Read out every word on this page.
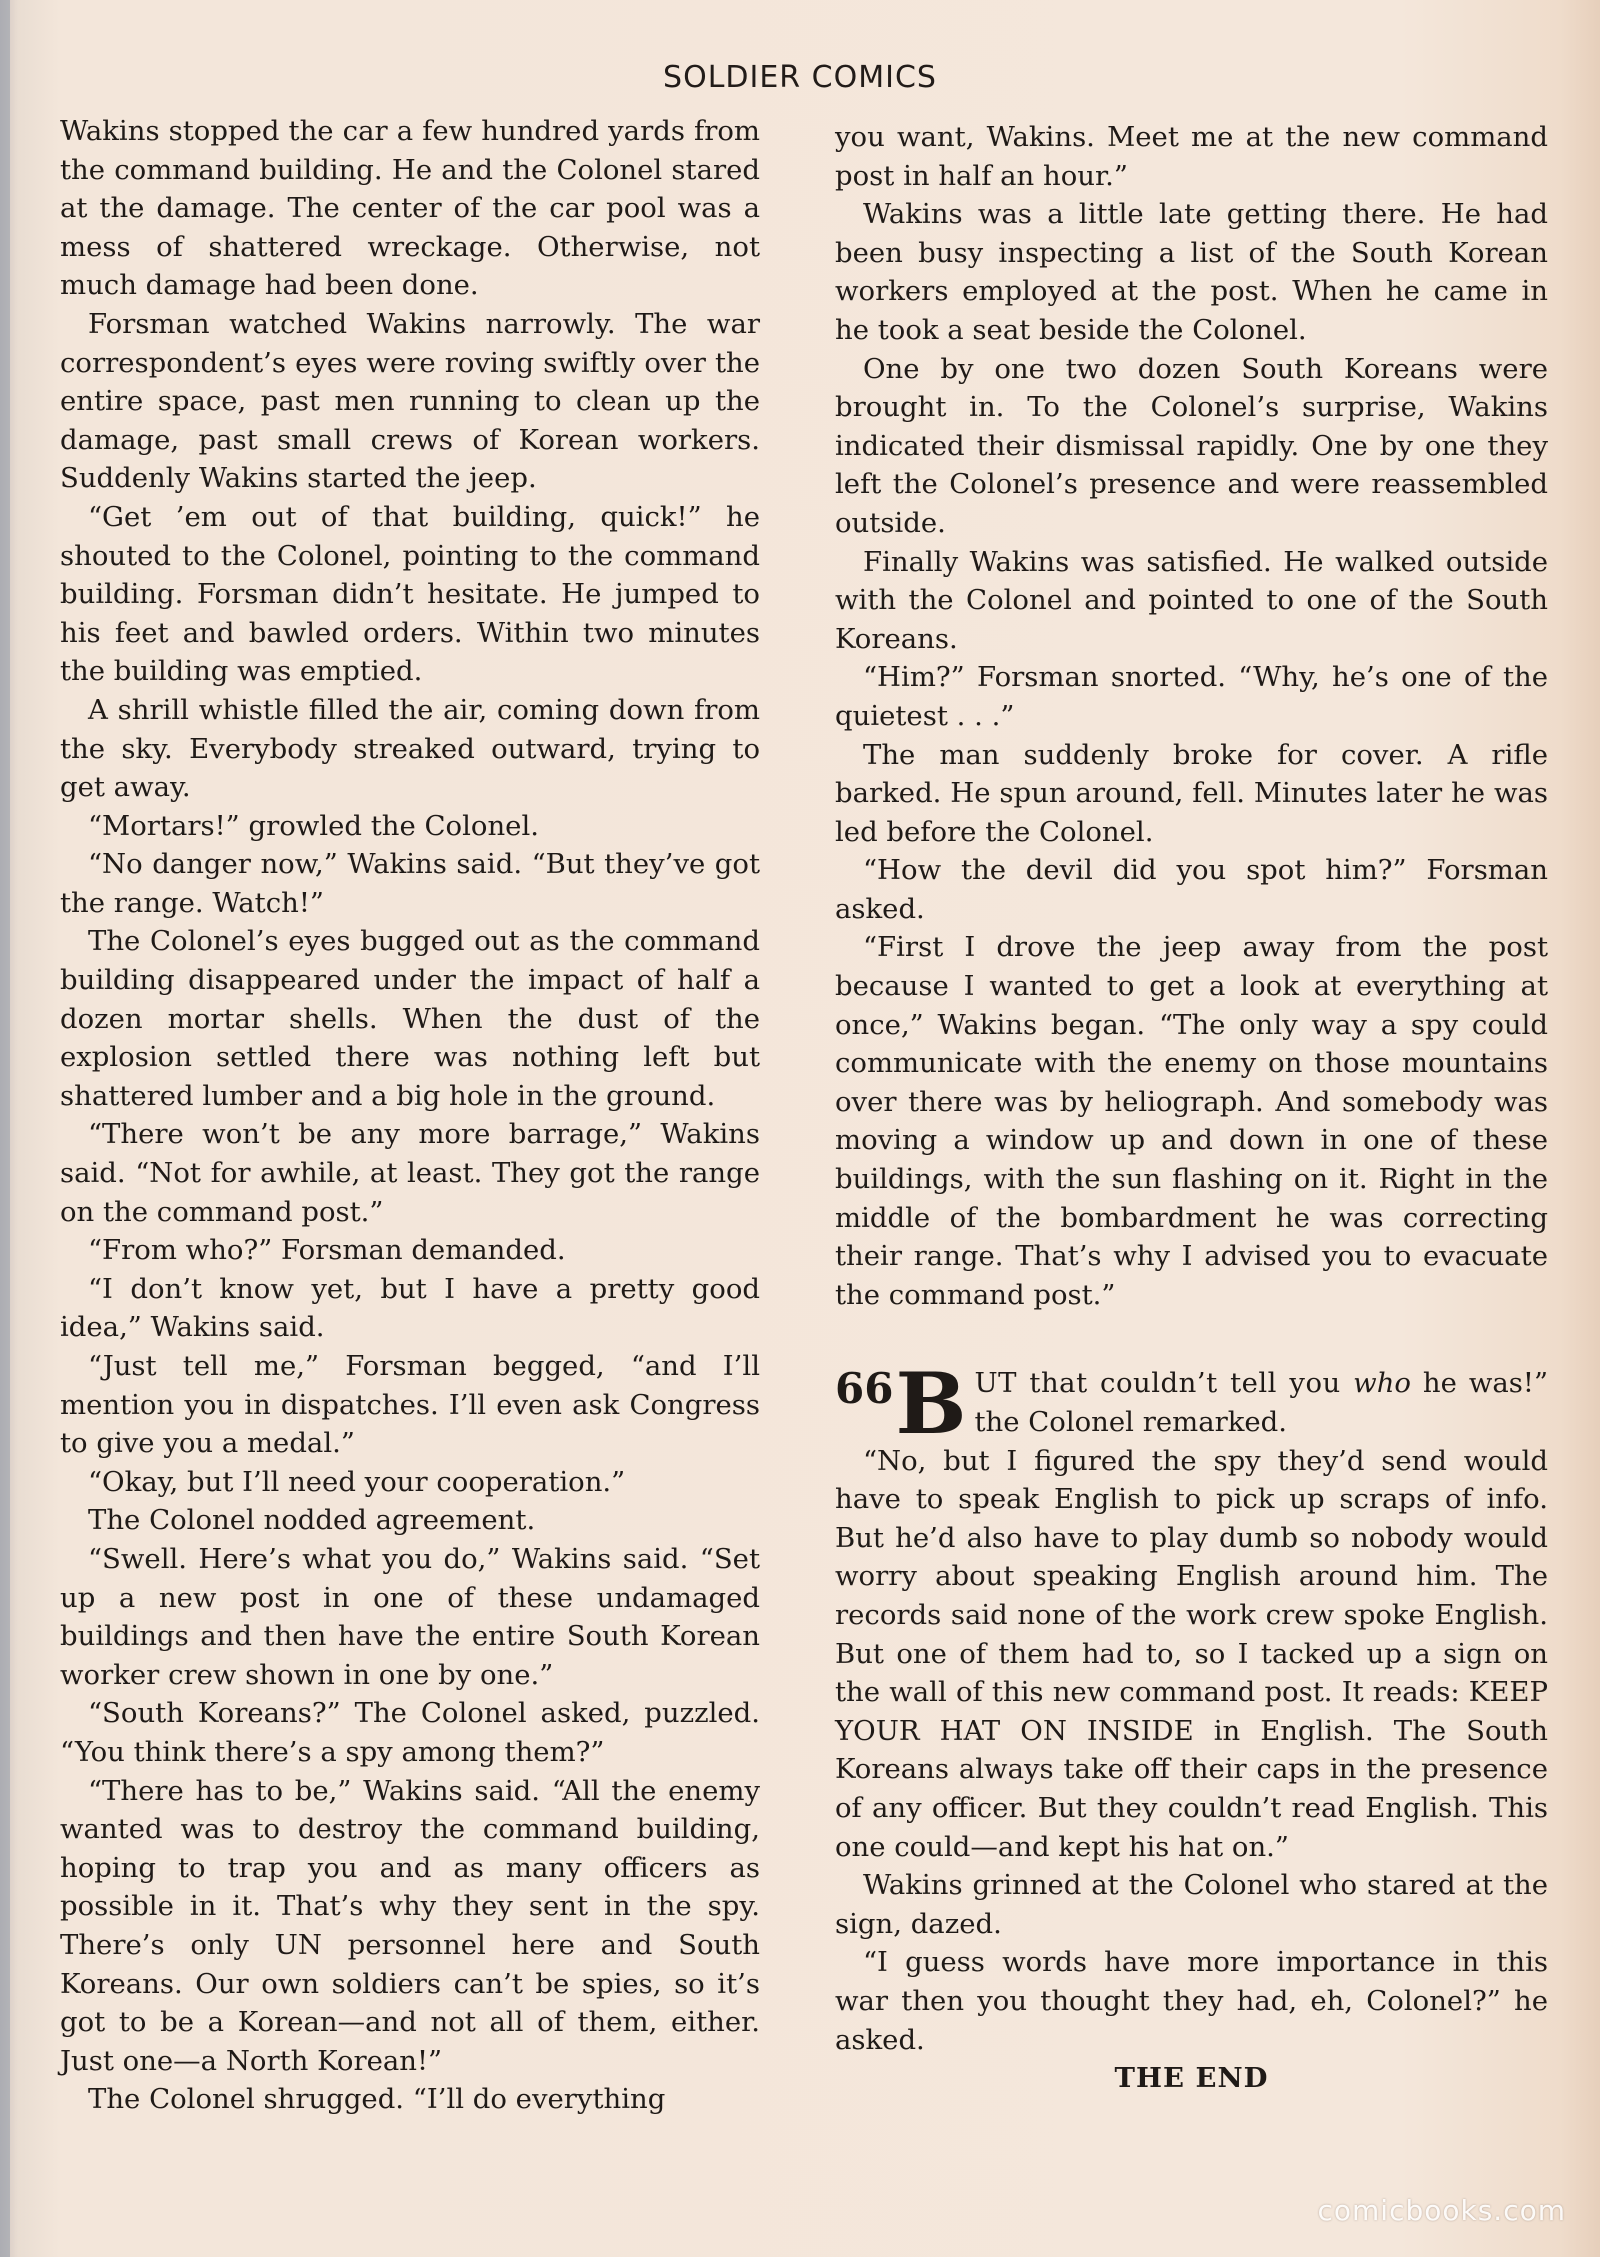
SOLDIER COMICS

Wakins stopped the car a few hundred yards from the command building. He and the Colonel stared at the damage. The center of the car pool was a mess of shattered wreckage. Otherwise, not much damage had been done.

Forsman watched Wakins narrowly. The war correspondent’s eyes were roving swiftly over the entire space, past men running to clean up the damage, past small crews of Korean workers. Suddenly Wakins started the jeep.

“Get ’em out of that building, quick!” he shouted to the Colonel, pointing to the command building. Forsman didn’t hesitate. He jumped to his feet and bawled orders. Within two minutes the building was emptied.

A shrill whistle filled the air, coming down from the sky. Everybody streaked outward, trying to get away.

“Mortars!” growled the Colonel.

“No danger now,” Wakins said. “But they’ve got the range. Watch!”

The Colonel’s eyes bugged out as the command building disappeared under the impact of half a dozen mortar shells. When the dust of the explosion settled there was nothing left but shattered lumber and a big hole in the ground.

“There won’t be any more barrage,” Wakins said. “Not for awhile, at least. They got the range on the command post.”

“From who?” Forsman demanded.

“I don’t know yet, but I have a pretty good idea,” Wakins said.

“Just tell me,” Forsman begged, “and I’ll mention you in dispatches. I’ll even ask Congress to give you a medal.”

“Okay, but I’ll need your cooperation.”

The Colonel nodded agreement.

“Swell. Here’s what you do,” Wakins said. “Set up a new post in one of these undamaged buildings and then have the entire South Korean worker crew shown in one by one.”

“South Koreans?” The Colonel asked, puzzled. “You think there’s a spy among them?”

“There has to be,” Wakins said. “All the enemy wanted was to destroy the command building, hoping to trap you and as many officers as possible in it. That’s why they sent in the spy. There’s only UN personnel here and South Koreans. Our own soldiers can’t be spies, so it’s got to be a Korean—and not all of them, either. Just one—a North Korean!”

The Colonel shrugged. “I’ll do everything

you want, Wakins. Meet me at the new command post in half an hour.”

Wakins was a little late getting there. He had been busy inspecting a list of the South Korean workers employed at the post. When he came in he took a seat beside the Colonel.

One by one two dozen South Koreans were brought in. To the Colonel’s surprise, Wakins indicated their dismissal rapidly. One by one they left the Colonel’s presence and were reassembled outside.

Finally Wakins was satisfied. He walked outside with the Colonel and pointed to one of the South Koreans.

“Him?” Forsman snorted. “Why, he’s one of the quietest . . .”

The man suddenly broke for cover. A rifle barked. He spun around, fell. Minutes later he was led before the Colonel.

“How the devil did you spot him?” Forsman asked.

“First I drove the jeep away from the post because I wanted to get a look at everything at once,” Wakins began. “The only way a spy could communicate with the enemy on those mountains over there was by heliograph. And somebody was moving a window up and down in one of these buildings, with the sun flashing on it. Right in the middle of the bombardment he was correcting their range. That’s why I advised you to evacuate the command post.”

66 B UT that couldn’t tell you who he was!” the Colonel remarked.

“No, but I figured the spy they’d send would have to speak English to pick up scraps of info. But he’d also have to play dumb so nobody would worry about speaking English around him. The records said none of the work crew spoke English. But one of them had to, so I tacked up a sign on the wall of this new command post. It reads: KEEP YOUR HAT ON INSIDE in English. The South Koreans always take off their caps in the presence of any officer. But they couldn’t read English. This one could—and kept his hat on.”

Wakins grinned at the Colonel who stared at the sign, dazed.

“I guess words have more importance in this war then you thought they had, eh, Colonel?” he asked.

THE END

comicbooks.com
